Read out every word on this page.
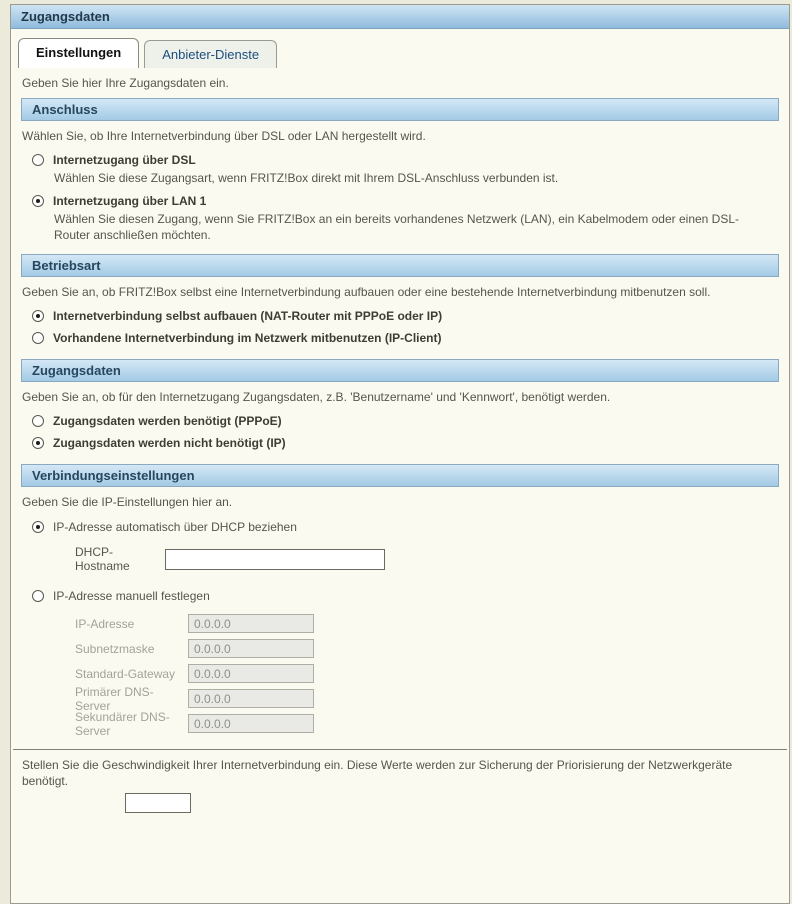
Zugangsdaten
Einstellungen	Anbieter-Dienste
Geben Sie hier Ihre Zugangsdaten ein.
Anschluss
Wählen Sie, ob Ihre Internetverbindung über DSL oder LAN hergestellt wird.
Internetzugang über DSL
Wählen Sie diese Zugangsart, wenn FRITZ!Box direkt mit Ihrem DSL-Anschluss verbunden ist.
Internetzugang über LAN 1
Wählen Sie diesen Zugang, wenn Sie FRITZ!Box an ein bereits vorhandenes Netzwerk (LAN), ein Kabelmodem oder einen DSL-Router anschließen möchten.
Betriebsart
Geben Sie an, ob FRITZ!Box selbst eine Internetverbindung aufbauen oder eine bestehende Internetverbindung mitbenutzen soll.
Internetverbindung selbst aufbauen (NAT-Router mit PPPoE oder IP)
Vorhandene Internetverbindung im Netzwerk mitbenutzen (IP-Client)
Zugangsdaten
Geben Sie an, ob für den Internetzugang Zugangsdaten, z.B. 'Benutzername' und 'Kennwort', benötigt werden.
Zugangsdaten werden benötigt (PPPoE)
Zugangsdaten werden nicht benötigt (IP)
Verbindungseinstellungen
Geben Sie die IP-Einstellungen hier an.
IP-Adresse automatisch über DHCP beziehen
DHCP-Hostname
IP-Adresse manuell festlegen
IP-Adresse
0.0.0.0
Subnetzmaske
0.0.0.0
Standard-Gateway
0.0.0.0
Primärer DNS-Server
0.0.0.0
Sekundärer DNS-Server
0.0.0.0
Stellen Sie die Geschwindigkeit Ihrer Internetverbindung ein. Diese Werte werden zur Sicherung der Priorisierung der Netzwerkgeräte benötigt.
